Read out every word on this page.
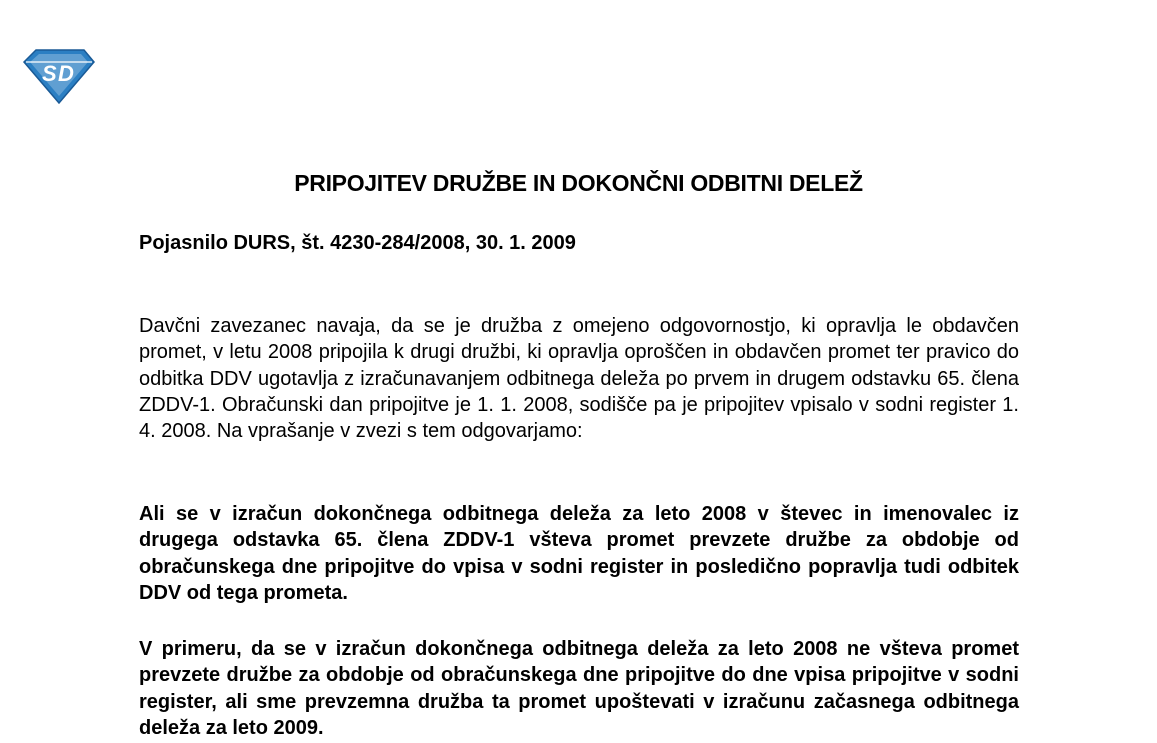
S D
PRIPOJITEV DRUŽBE IN DOKONČNI ODBITNI DELEŽ

Pojasnilo DURS, št. 4230-284/2008, 30. 1. 2009

Davčni zavezanec navaja, da se je družba z omejeno odgovornostjo, ki opravlja le obdavčen promet, v letu 2008 pripojila k drugi družbi, ki opravlja oproščen in obdavčen promet ter pravico do odbitka DDV ugotavlja z izračunavanjem odbitnega deleža po prvem in drugem odstavku 65. člena ZDDV-1. Obračunski dan pripojitve je 1. 1. 2008, sodišče pa je pripojitev vpisalo v sodni register 1. 4. 2008. Na vprašanje v zvezi s tem odgovarjamo:

Ali se v izračun dokončnega odbitnega deleža za leto 2008 v števec in imenovalec iz drugega odstavka 65. člena ZDDV-1 všteva promet prevzete družbe za obdobje od obračunskega dne pripojitve do vpisa v sodni register in posledično popravlja tudi odbitek DDV od tega prometa.

V primeru, da se v izračun dokončnega odbitnega deleža za leto 2008 ne všteva promet prevzete družbe za obdobje od obračunskega dne pripojitve do dne vpisa pripojitve v sodni register, ali sme prevzemna družba ta promet upoštevati v izračunu začasnega odbitnega deleža za leto 2009.
